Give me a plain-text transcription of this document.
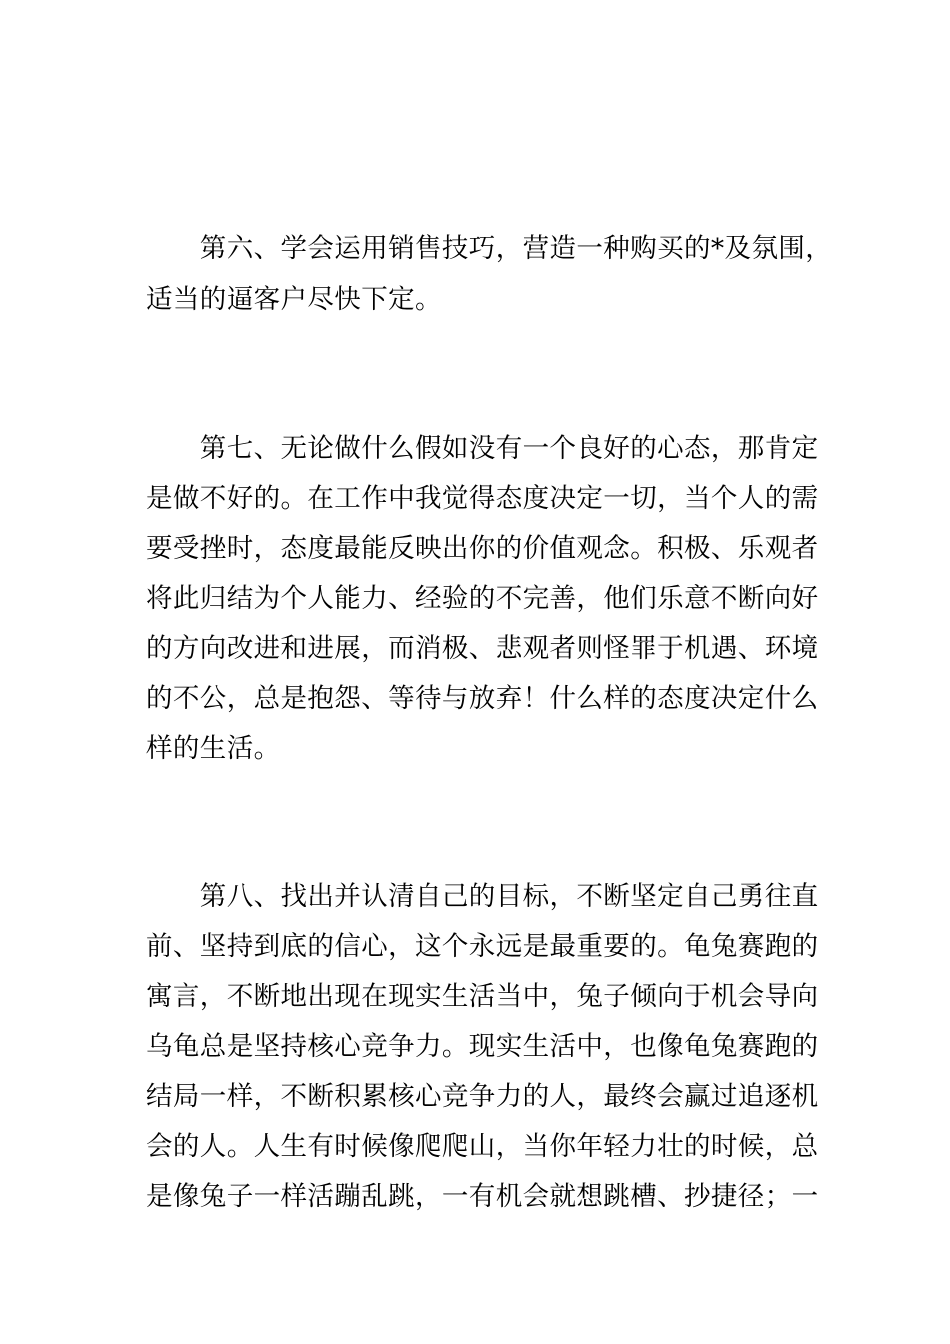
　　第六、学会运用销售技巧，营造一种购买的*及氛围，
适当的逼客户尽快下定。
　　第七、无论做什么假如没有一个良好的心态，那肯定
是做不好的。在工作中我觉得态度决定一切，当个人的需
要受挫时，态度最能反映出你的价值观念。积极、乐观者
将此归结为个人能力、经验的不完善，他们乐意不断向好
的方向改进和进展，而消极、悲观者则怪罪于机遇、环境
的不公，总是抱怨、等待与放弃！什么样的态度决定什么
样的生活。
　　第八、找出并认清自己的目标，不断坚定自己勇往直
前、坚持到底的信心，这个永远是最重要的。龟兔赛跑的
寓言，不断地出现在现实生活当中，兔子倾向于机会导向
乌龟总是坚持核心竞争力。现实生活中，也像龟兔赛跑的
结局一样，不断积累核心竞争力的人，最终会赢过追逐机
会的人。人生有时候像爬爬山，当你年轻力壮的时候，总
是像兔子一样活蹦乱跳，一有机会就想跳槽、抄捷径；一
